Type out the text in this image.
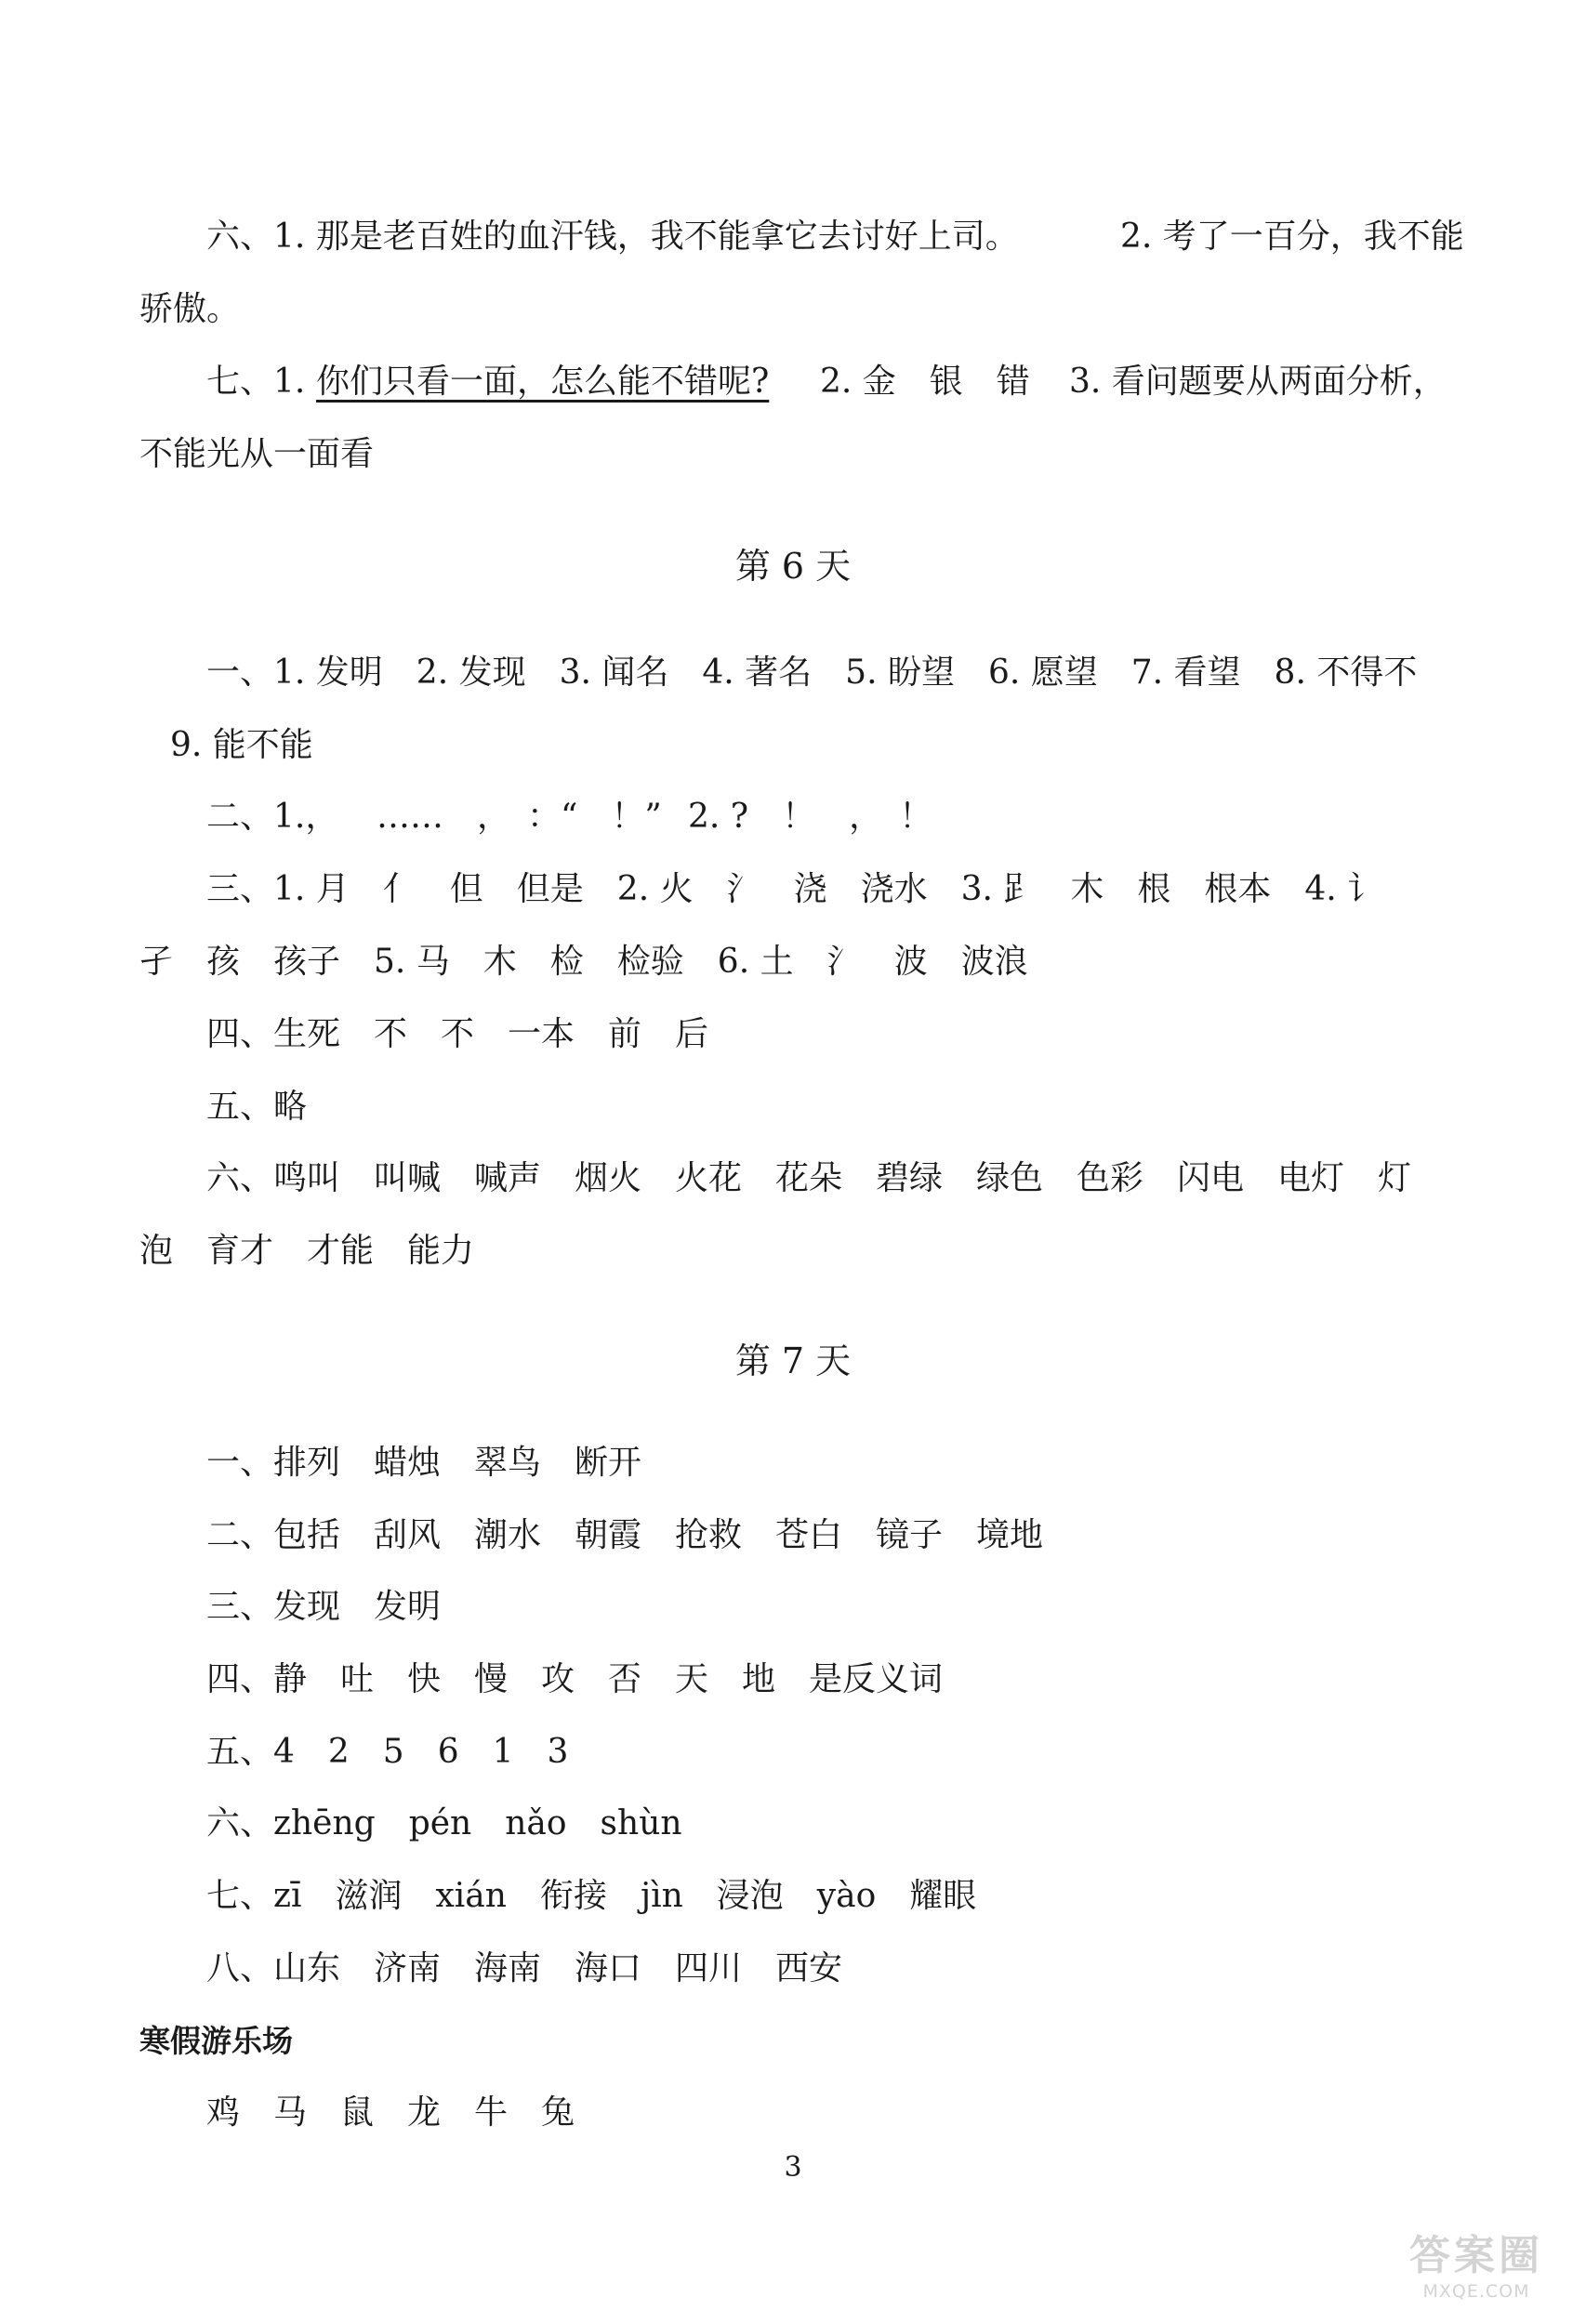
六、1. 那是老百姓的血汗钱，我不能拿它去讨好上司。	2. 考了一百分，我不能
骄傲。
七、1. 你们只看一面，怎么能不错呢? 2. 金　银　错 3. 看问题要从两面分析，
不能光从一面看
第 6 天
一、1. 发明　2. 发现　3. 闻名　4. 著名　5. 盼望　6. 愿望　7. 看望　8. 不得不
9. 能不能
二、1.， ……　，　：“　！” 2. ?　！　，　！
三、1. 月　亻　但　但是　2. 火　氵　浇　浇水　3. 𧾷　木　根　根本　4. 讠
孑　孩　孩子　5. 马　木　检　检验　6. 土　氵　波　波浪
四、生死　不　不　一本　前　后
五、略
六、鸣叫　叫喊　喊声　烟火　火花　花朵　碧绿　绿色　色彩　闪电　电灯　灯
泡　育才　才能　能力
第 7 天
一、排列　蜡烛　翠鸟　断开
二、包括　刮风　潮水　朝霞　抢救　苍白　镜子　境地
三、发现　发明
四、静　吐　快　慢　攻　否　天　地　是反义词
五、4　2　5　6　1　3
六、zhēng　pén　nǎo　shùn
七、zī　滋润　xián　衔接　jìn　浸泡　yào　耀眼
八、山东　济南　海南　海口　四川　西安
寒假游乐场
鸡　马　鼠　龙　牛　兔
3
答案圈
MXQE.COM
